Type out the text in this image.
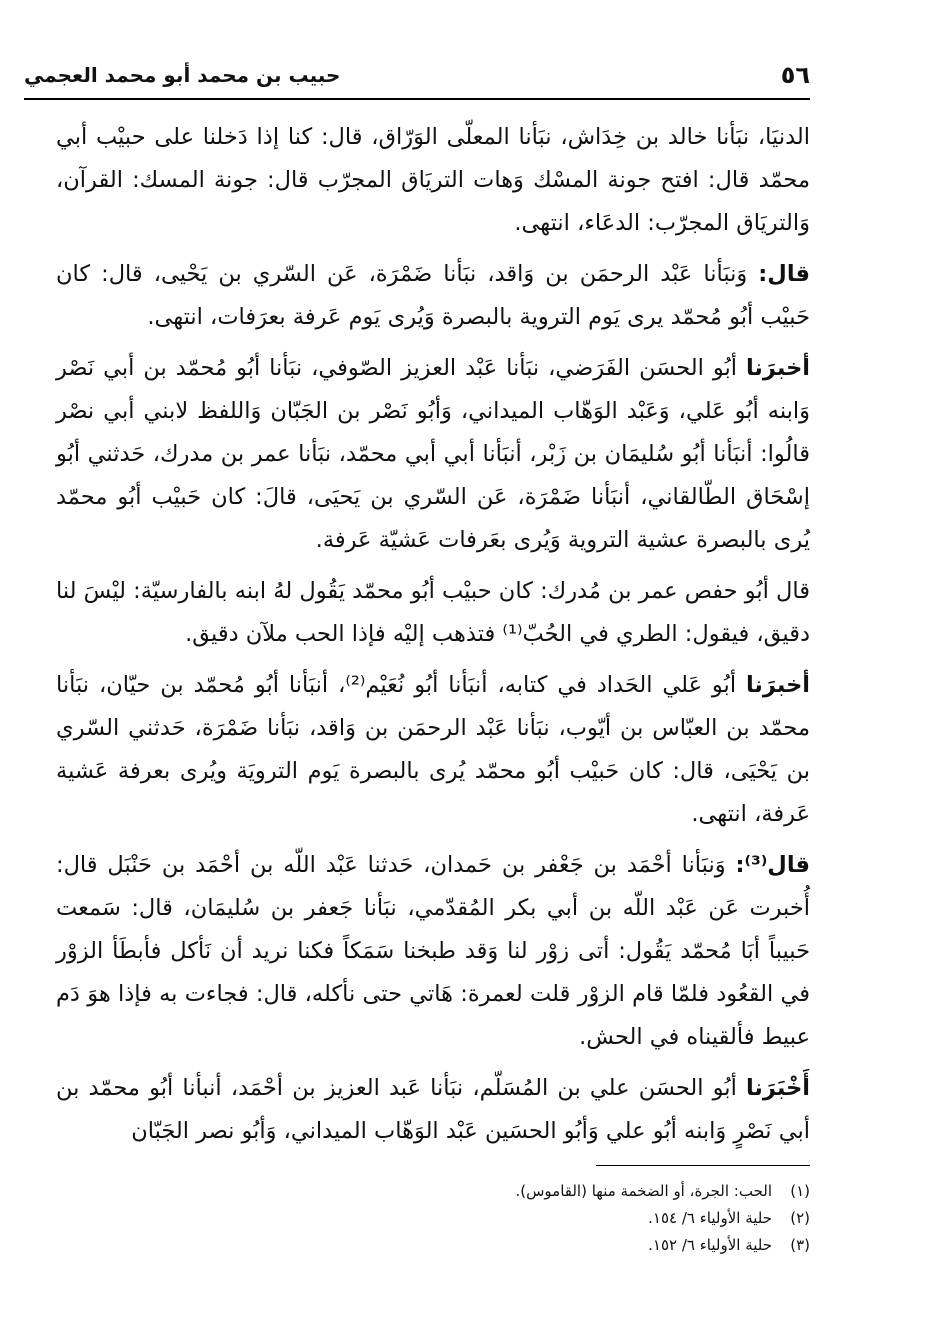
٥٦
حبيب بن محمد أبو محمد العجمي

الدنيَا، نبَأنا خالد بن خِدَاش، نبَأنا المعلّى الوَرّاق، قال: كنا إذا دَخلنا على حبيْب أبي محمّد قال: افتح جونة المسْك وَهات التريَاق المجرّب قال: جونة المسك: القرآن، وَالتريَاق المجرّب: الدعَاء، انتهى.

قال: وَنبَأنا عَبْد الرحمَن بن وَاقد، نبَأنا ضَمْرَة، عَن السّري بن يَحْيى، قال: كان حَبيْب أبُو مُحمّد يرى يَوم التروية بالبصرة وَيُرى يَوم عَرفة بعرَفات، انتهى.

أخبرَنا أبُو الحسَن الفَرَضي، نبَأنا عَبْد العزيز الصّوفي، نبَأنا أبُو مُحمّد بن أبي نَصْر وَابنه أبُو عَلي، وَعَبْد الوَهّاب الميداني، وَأبُو نَصْر بن الجَبّان وَاللفظ لابني أبي نصْر قالُوا: أنبَأنا أبُو سُليمَان بن زَبْر، أنبَأنا أبي أبي محمّد، نبَأنا عمر بن مدرك، حَدثني أبُو إسْحَاق الطّالقاني، أنبَأنا ضَمْرَة، عَن السّري بن يَحيَى، قالَ: كان حَبيْب أبُو محمّد يُرى بالبصرة عشية التروية وَيُرى بعَرفات عَشيّة عَرفة.

قال أبُو حفص عمر بن مُدرك: كان حبيْب أبُو محمّد يَقُول لهُ ابنه بالفارسيّة: ليْسَ لنا دقيق، فيقول: الطري في الحُبّ⁽¹⁾ فتذهب إليْه فإذا الحب ملآن دقيق.

أخبرَنا أبُو عَلي الحَداد في كتابه، أنبَأنا أبُو نُعَيْم⁽²⁾، أنبَأنا أبُو مُحمّد بن حيّان، نبَأنا محمّد بن العبّاس بن أيّوب، نبَأنا عَبْد الرحمَن بن وَاقد، نبَأنا ضَمْرَة، حَدثني السّري بن يَحْيَى، قال: كان حَبيْب أبُو محمّد يُرى بالبصرة يَوم الترويَة ويُرى بعرفة عَشية عَرفة، انتهى.

قال⁽³⁾: وَنبَأنا أحْمَد بن جَعْفر بن حَمدان، حَدثنا عَبْد اللّه بن أحْمَد بن حَنْبَل قال: أُخبرت عَن عَبْد اللّه بن أبي بكر المُقدّمي، نبَأنا جَعفر بن سُليمَان، قال: سَمعت حَبيباً أبَا مُحمّد يَقُول: أتى زوْر لنا وَقد طبخنا سَمَكاً فكنا نريد أن نَأكل فأبطَأ الزوْر في القعُود فلمّا قام الزوْر قلت لعمرة: هَاتي حتى نأكله، قال: فجاءت به فإذا هوَ دَم عبيط فألقيناه في الحش.

أَخْبَرَنا أبُو الحسَن علي بن المُسَلّم، نبَأنا عَبد العزيز بن أحْمَد، أنبأنا أبُو محمّد بن أبي نَصْرٍ وَابنه أبُو علي وَأبُو الحسَين عَبْد الوَهّاب الميداني، وَأبُو نصر الجَبّان

(١)
الحب: الجرة، أو الضخمة منها (القاموس).
(٢)
حلية الأولياء ٦/ ١٥٤.
(٣)
حلية الأولياء ٦/ ١٥٢.
